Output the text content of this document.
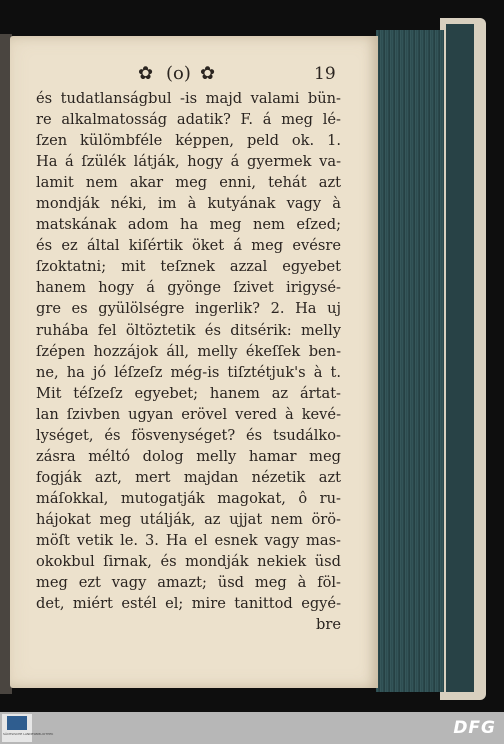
✿ (o) ✿	19
és tudatlanságbul -is majd valami bün-
re alkalmatosság adatik? F. á meg lé-
ſzen külömbféle képpen, peld ok. 1.
Ha á ſzülék látják, hogy á gyermek va-
lamit nem akar meg enni, tehát azt
mondják néki, im à kutyának vagy à
matskának adom ha meg nem eſzed;
és ez által kiſértik öket á meg evésre
ſzoktatni; mit teſznek azzal egyebet
hanem hogy á gyönge ſzivet irigysé-
gre es gyülölségre ingerlik? 2. Ha uj
ruhába fel öltöztetik és ditsérik: melly
ſzépen hozzájok áll, melly ékeſſek ben-
ne, ha jó léſzeſz még-is tiſztétjuk's à t.
Mit téſzeſz egyebet; hanem az ártat-
lan ſzivben ugyan erövel vered à kevé-
lységet, és fösvenységet? és tsudálko-
zásra méltó dolog melly hamar meg
fogják azt, mert majdan nézetik azt
máſokkal, mutogatják magokat, ô ru-
hájokat meg utálják, az ujjat nem örö-
möſt vetik le. 3. Ha el esnek vagy mas-
okokbul ſirnak, és mondják nekiek üsd
meg ezt vagy amazt; üsd meg à föl-
det, miért estél el; mire tanittod egyé-
bre
SÄCHSISCHE LANDESBIBLIOTHEK	DFG
